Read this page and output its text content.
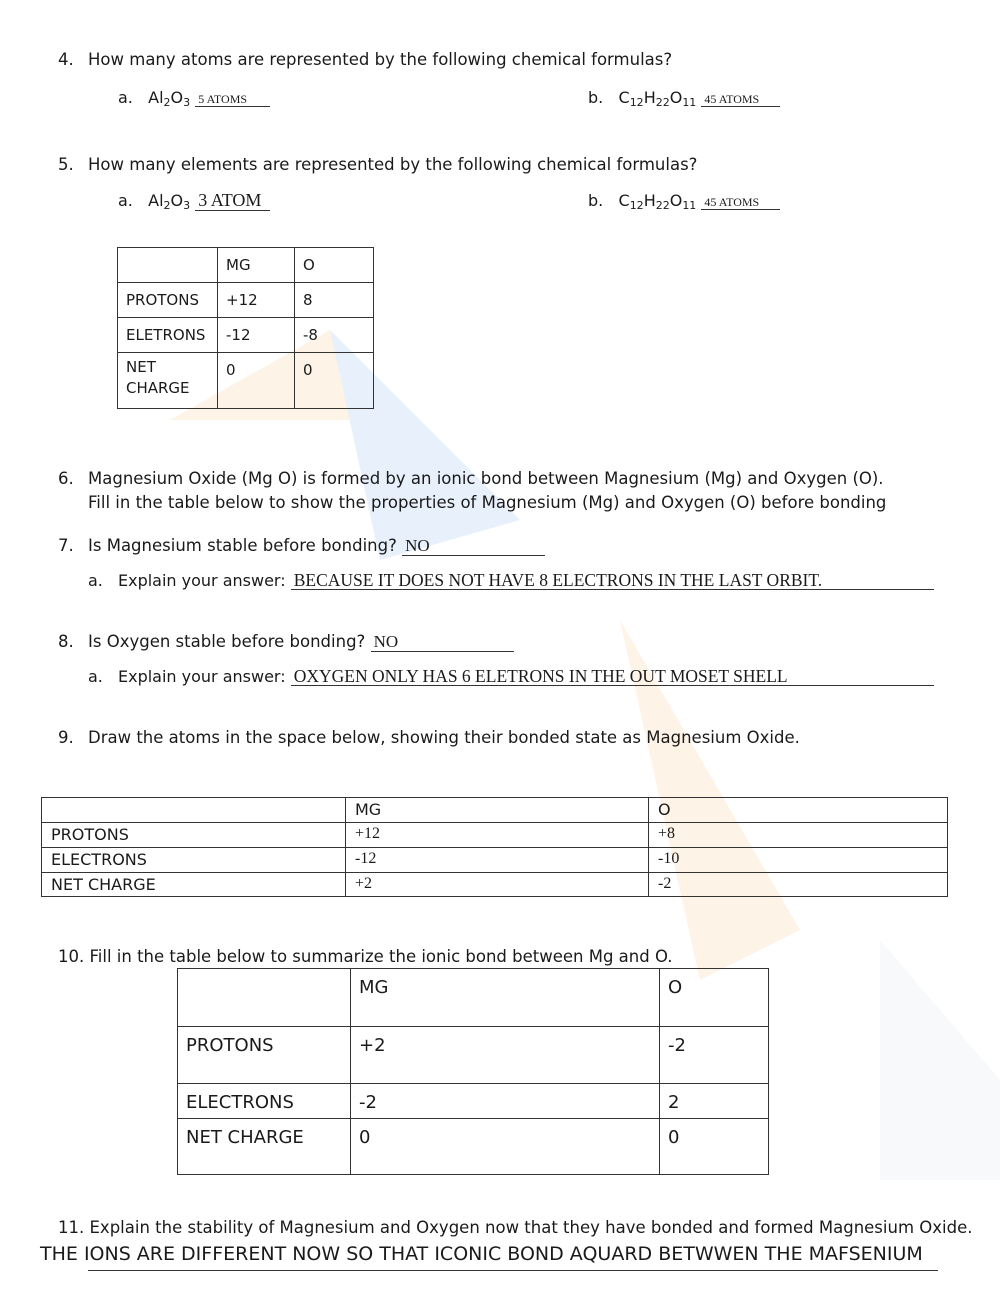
4. How many atoms are represented by the following chemical formulas?
a. $Al_2O_3$ 5 ATOMS	b. $C_{12}H_{22}O_{11}$ 45 ATOMS
5. How many elements are represented by the following chemical formulas?
a. $Al_2O_3$ 3 ATOM	b. $C_{12}H_{22}O_{11}$ 45 ATOMS
	MG	O
PROTONS	+12	8
ELETRONS	-12	-8
NET CHARGE	0	0
6. Magnesium Oxide (Mg O) is formed by an ionic bond between Magnesium (Mg) and Oxygen (O).
Fill in the table below to show the properties of Magnesium (Mg) and Oxygen (O) before bonding
7. Is Magnesium stable before bonding? NO
a. Explain your answer: BECAUSE IT DOES NOT HAVE 8 ELECTRONS IN THE LAST ORBIT.
8. Is Oxygen stable before bonding? NO
a. Explain your answer: OXYGEN ONLY HAS 6 ELETRONS IN THE OUT MOSET SHELL
9. Draw the atoms in the space below, showing their bonded state as Magnesium Oxide.
	MG	O
PROTONS	+12	+8
ELECTRONS	-12	-10
NET CHARGE	+2	-2
10. Fill in the table below to summarize the ionic bond between Mg and O.
	MG	O
PROTONS	+2	-2
ELECTRONS	-2	2
NET CHARGE	0	0
11. Explain the stability of Magnesium and Oxygen now that they have bonded and formed Magnesium Oxide.
THE IONS ARE DIFFERENT NOW SO THAT ICONIC BOND AQUARD BETWWEN THE MAFSENIUM
